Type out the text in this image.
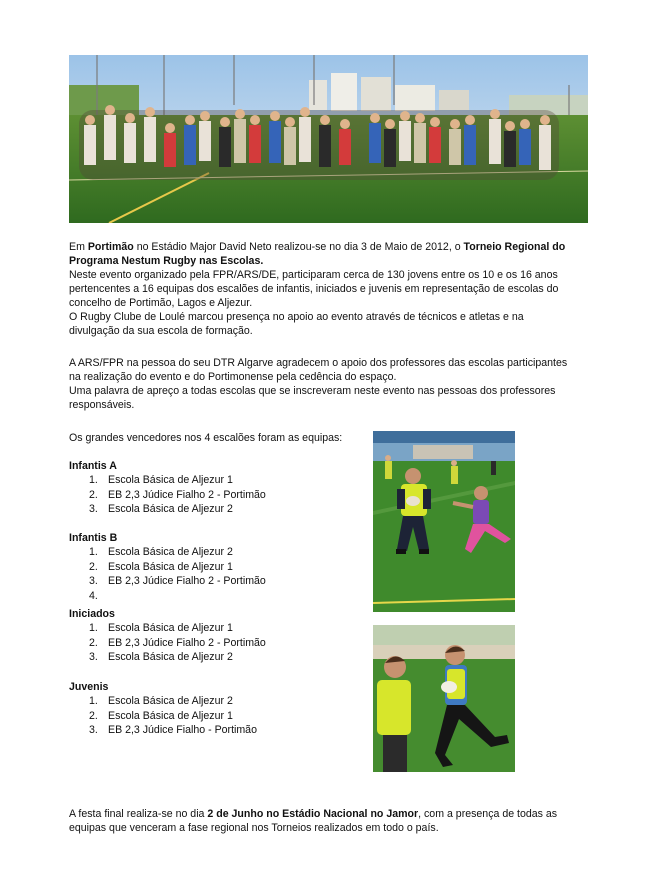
Em Portimão no Estádio Major David Neto realizou-se no dia 3 de Maio de 2012, o Torneio Regional do
Programa Nestum Rugby nas Escolas.
Neste evento organizado pela FPR/ARS/DE, participaram cerca de 130 jovens entre os 10 e os 16 anos
pertencentes a 16 equipas dos escalões de infantis, iniciados e juvenis em representação de escolas do
concelho de Portimão, Lagos e Aljezur.
O Rugby Clube de Loulé marcou presença no apoio ao evento através de técnicos e atletas e na
divulgação da sua escola de formação.

A ARS/FPR na pessoa do seu DTR Algarve agradecem o apoio dos professores das escolas participantes
na realização do evento e do Portimonense pela cedência do espaço.
Uma palavra de apreço a todas escolas que se inscreveram neste evento nas pessoas dos professores
responsáveis.

Os grandes vencedores nos 4 escalões foram as equipas:

Infantis A
1. Escola Básica de Aljezur 1
2. EB 2,3 Júdice Fialho 2 - Portimão
3. Escola Básica de Aljezur 2
Infantis B
1. Escola Básica de Aljezur 2
2. Escola Básica de Aljezur 1
3. EB 2,3 Júdice Fialho 2 - Portimão
4.
Iniciados
1. Escola Básica de Aljezur 1
2. EB 2,3 Júdice Fialho 2 - Portimão
3. Escola Básica de Aljezur 2
Juvenis
1. Escola Básica de Aljezur 2
2. Escola Básica de Aljezur 1
3. EB 2,3 Júdice Fialho - Portimão

A festa final realiza-se no dia 2 de Junho no Estádio Nacional no Jamor, com a presença de todas as
equipas que venceram a fase regional nos Torneios realizados em todo o país.
